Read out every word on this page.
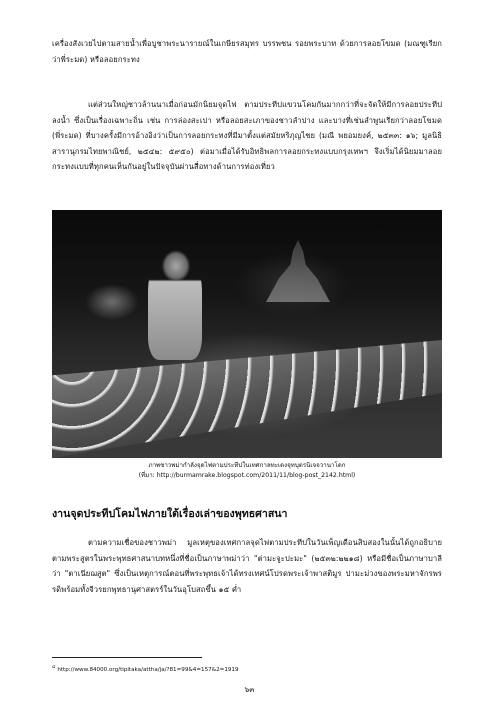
เครื่องสังเวยไปตามสายน้ำเพื่อบูชาพระนารายณ์ในเกษียรสมุทร บรรพชน รอยพระบาท ด้วยการลอยโขมด (มณฑูเรียกว่าพี่ระมด) หรือลอยกระทง
แต่ส่วนใหญ่ชาวล้านนาเมื่อก่อนมักนิยมจุดไฟ ตามประทีปแขวนโคมกันมากกว่าที่จะจัดให้มีการลอยประทีปลงน้ำ ซึ่งเป็นเรื่องเฉพาะถิ่น เช่น การล่องสะเปา หรือลอยสะเภาของชาวลำปาง และบางที่เช่นลำพูนเรียกว่าลอยโขมด (พี่ระมด) ที่บางครั้งมีการอ้างอิงว่าเป็นการลอยกระทงที่มีมาตั้งแต่สมัยหริภุญไชย (มณี พยอมยงค์, ๒๕๓๓: ๑๖; มูลนิธิสารานุกรมไทยพาณิชย์, ๒๕๔๒: ๕๙๕๐) ต่อมาเมื่อได้รับอิทธิพลการลอยกระทงแบบกรุงเทพฯ จึงเริ่มได้นิยมมาลอยกระทงแบบที่ทุกคนเห็นกันอยู่ในปัจจุบันผ่านสื่อทางด้านการท่องเที่ยว
ภาพชาวพม่ากำลังจุดไฟตามประทีปในเทศกาลทะเดงจุทบุตรนิเจจวานาโดก
(ที่มา: http://burmamrake.blogspot.com/2011/11/blog-post_2142.html)
งานจุดประทีปโคมไฟภายใต้เรื่องเล่าของพุทธศาสนา
ตามความเชื่อของชาวพม่า มูลเหตุของเทศกาลจุดไฟตามประทีปในวันเพ็ญเดือนสิบสองในนั้นได้ถูกอธิบายตามพระสูตรในพระพุทธศาสนาบทหนึ่งที่ชื่อเป็นภาษาพม่าว่า "ต่ามะจูะปะมะ" (๒๕๓๒:๒๒๑๘) หรือมีชื่อเป็นภาษาบาลีว่า "ตาเนียฌสูต" ซึ่งเป็นเหตุการณ์ตอนที่พระพุทธเจ้าได้ทรงเทศน์โปรดพระเจ้าพาสติมูร ปามะม่วงของพระมหาจักรพรรดิพร้อมทั้งจีวรยกพุทธานุศาสตรร์ในวันอุโบสถขึ้น ๑๕ ค่ำ
$^๔$ http://www.84000.org/tipitaka/attha/ja/?81=99&4=157&2=1919
๖๓
